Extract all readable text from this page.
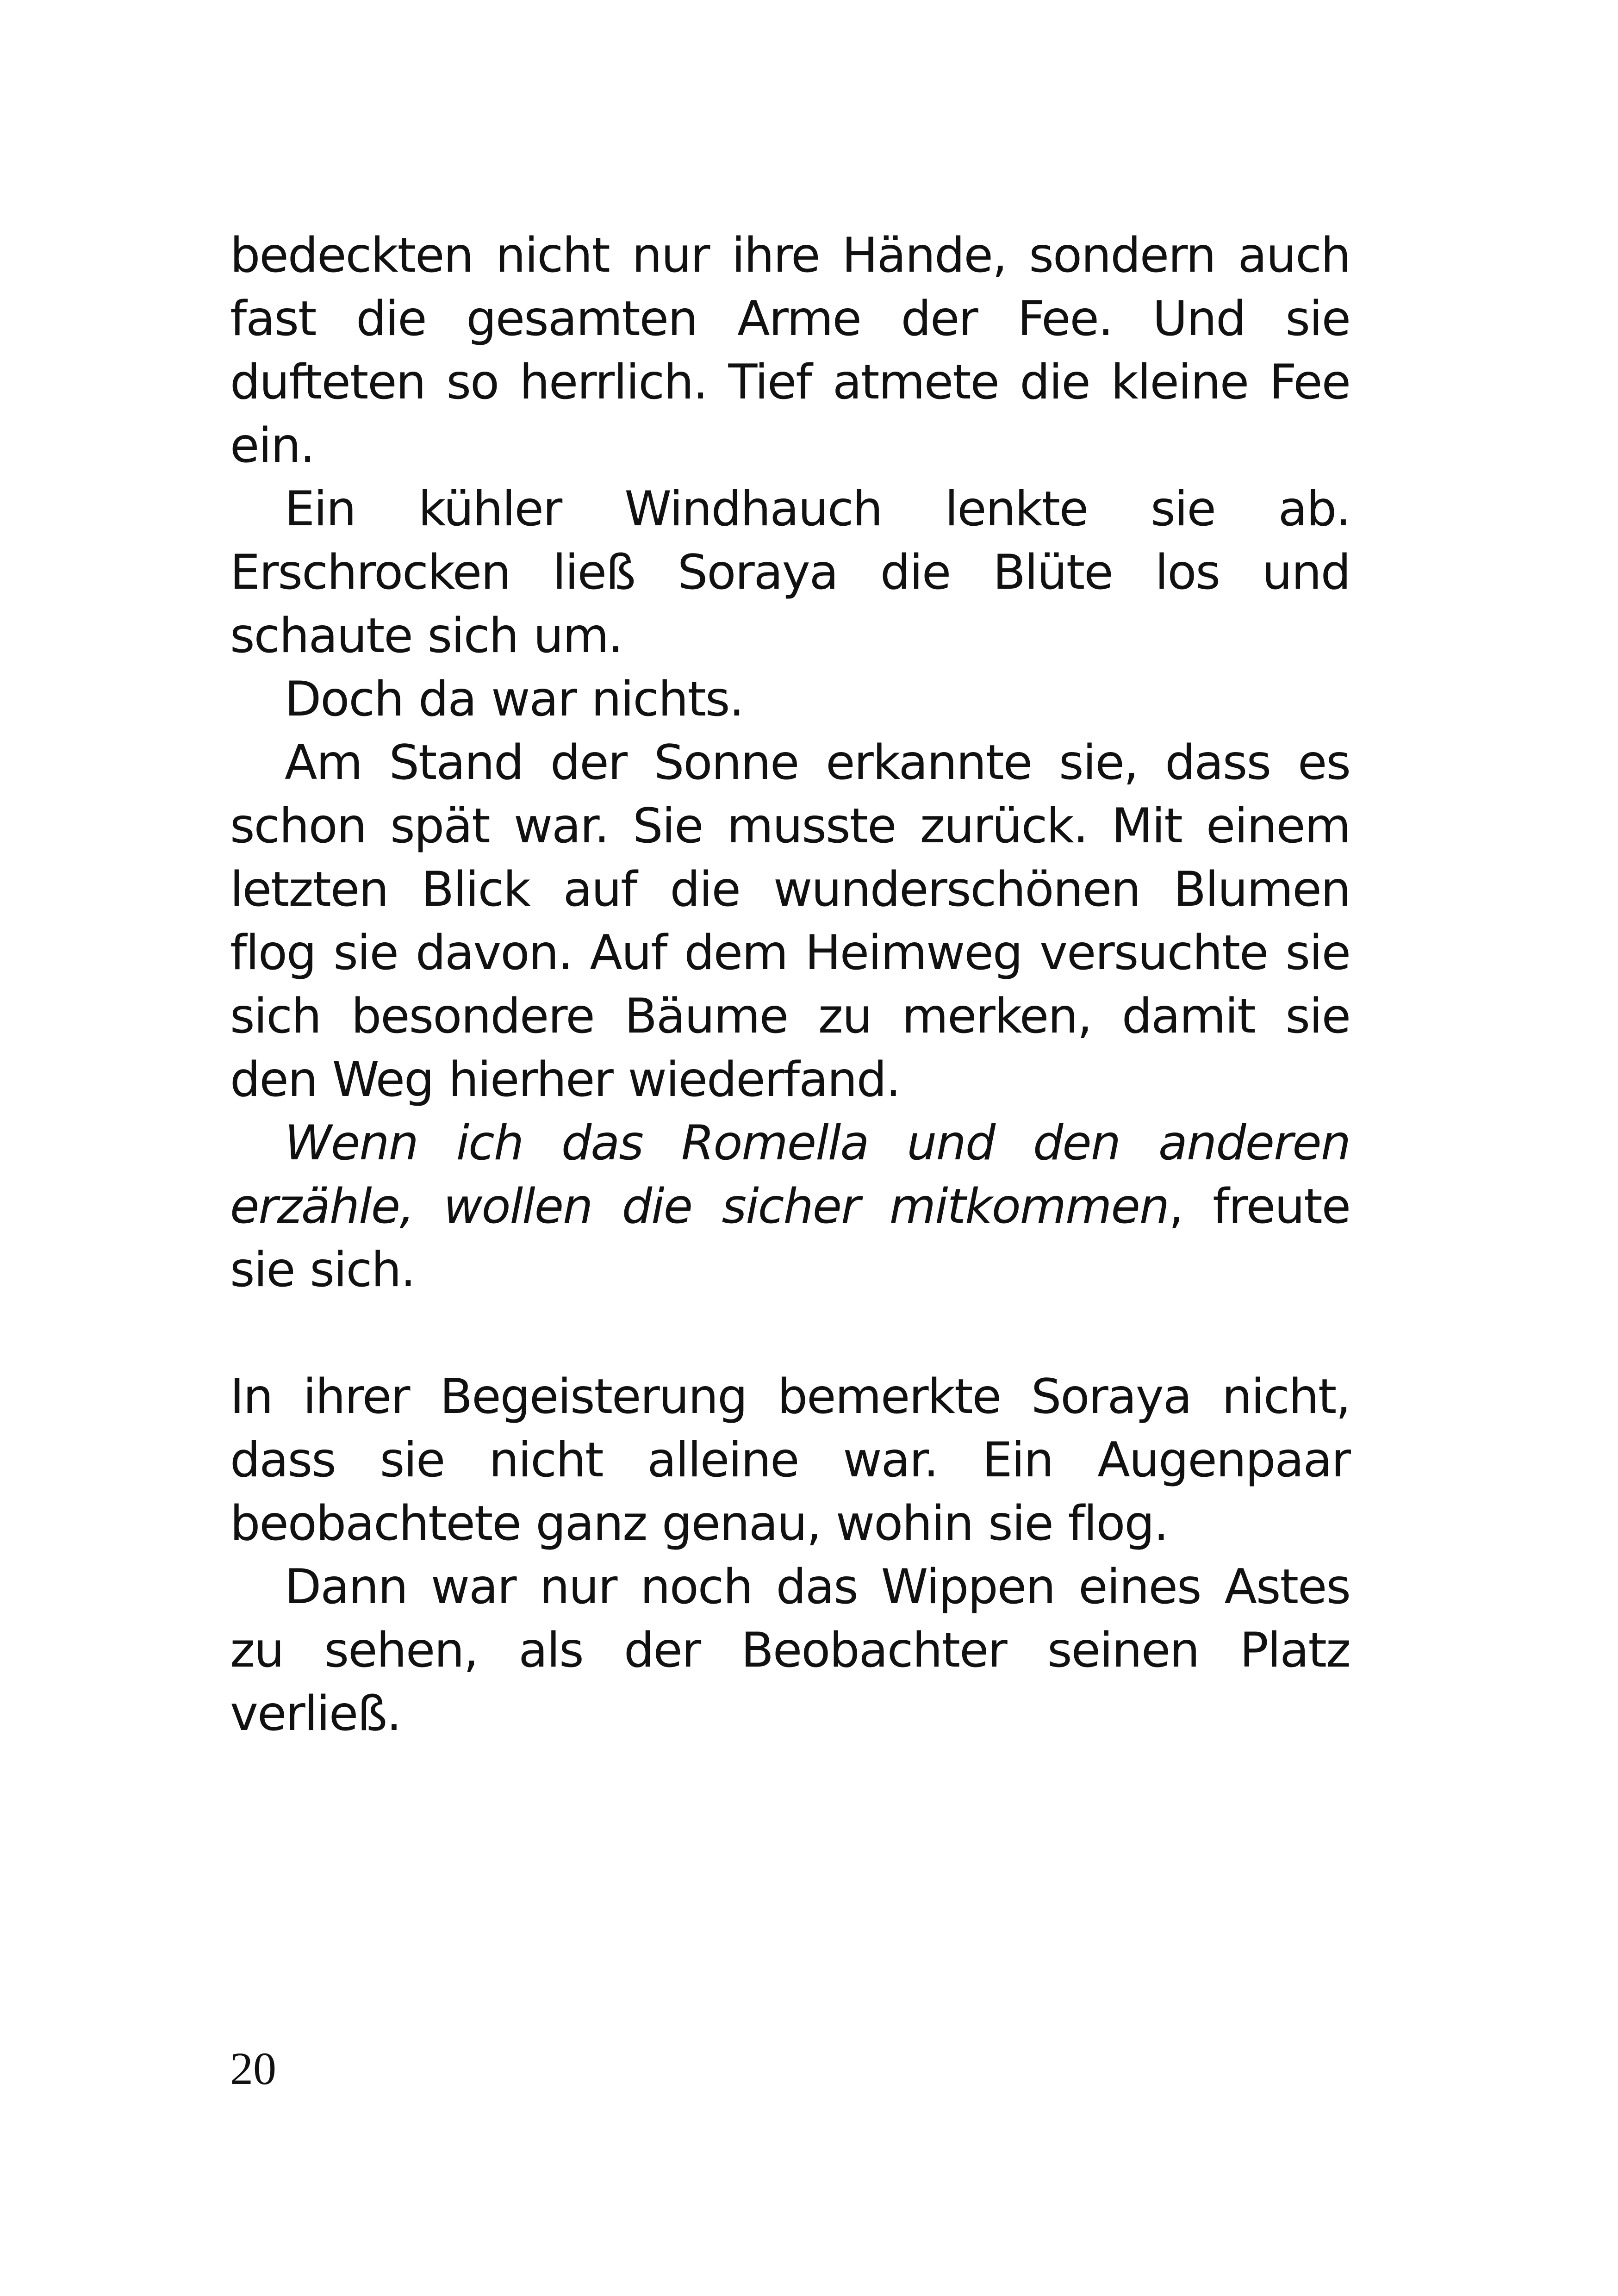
bedeckten nicht nur ihre Hände, sondern auch fast die gesamten Arme der Fee. Und sie dufteten so herrlich. Tief atmete die kleine Fee ein.

Ein kühler Windhauch lenkte sie ab. Erschrocken ließ Soraya die Blüte los und schaute sich um.

Doch da war nichts.

Am Stand der Sonne erkannte sie, dass es schon spät war. Sie musste zurück. Mit einem letzten Blick auf die wunderschönen Blumen flog sie davon. Auf dem Heimweg versuchte sie sich besondere Bäume zu merken, damit sie den Weg hierher wiederfand.

Wenn ich das Romella und den anderen erzähle, wollen die sicher mitkommen, freute sie sich.

In ihrer Begeisterung bemerkte Soraya nicht, dass sie nicht alleine war. Ein Augenpaar beobachtete ganz genau, wohin sie flog.

Dann war nur noch das Wippen eines Astes zu sehen, als der Beobachter seinen Platz verließ.

20
